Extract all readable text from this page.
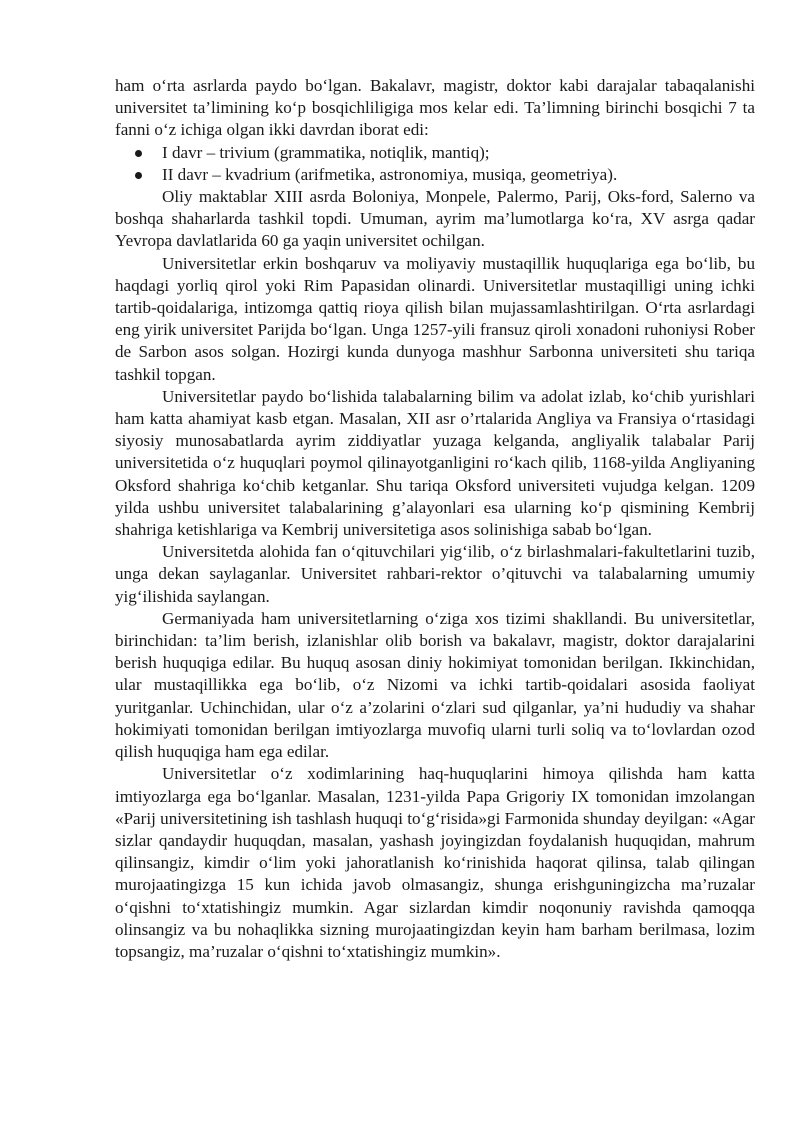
ham o‘rta asrlarda paydo bo‘lgan. Bakalavr, magistr, doktor kabi darajalar tabaqalanishi universitet ta’limining ko‘p bosqichliligiga mos kelar edi. Ta’limning birinchi bosqichi 7 ta fanni o‘z ichiga olgan ikki davrdan iborat edi:

I davr – trivium (grammatika, notiqlik, mantiq);
II davr – kvadrium (arifmetika, astronomiya, musiqa, geometriya).

Oliy maktablar XIII asrda Boloniya, Monpele, Palermo, Parij, Oks-ford, Salerno va boshqa shaharlarda tashkil topdi. Umuman, ayrim ma’lumotlarga ko‘ra, XV asrga qadar Yevropa davlatlarida 60 ga yaqin universitet ochilgan.

Universitetlar erkin boshqaruv va moliyaviy mustaqillik huquqlariga ega bo‘lib, bu haqdagi yorliq qirol yoki Rim Papasidan olinardi. Universitetlar mustaqilligi uning ichki tartib-qoidalariga, intizomga qattiq rioya qilish bilan mujassamlashtirilgan. O‘rta asrlardagi eng yirik universitet Parijda bo‘lgan. Unga 1257-yili fransuz qiroli xonadoni ruhoniysi Rober de Sarbon asos solgan. Hozirgi kunda dunyoga mashhur Sarbonna universiteti shu tariqa tashkil topgan.

Universitetlar paydo bo‘lishida talabalarning bilim va adolat izlab, ko‘chib yurishlari ham katta ahamiyat kasb etgan. Masalan, XII asr o’rtalarida Angliya va Fransiya o‘rtasidagi siyosiy munosabatlarda ayrim ziddiyatlar yuzaga kelganda, angliyalik talabalar Parij universitetida o‘z huquqlari poymol qilinayotganligini ro‘kach qilib, 1168-yilda Angliyaning Oksford shahriga ko‘chib ketganlar. Shu tariqa Oksford universiteti vujudga kelgan. 1209 yilda ushbu universitet talabalarining g’alayonlari esa ularning ko‘p qismining Kembrij shahriga ketishlariga va Kembrij universitetiga asos solinishiga sabab bo‘lgan.

Universitetda alohida fan o‘qituvchilari yig‘ilib, o‘z birlashmalari-fakultetlarini tuzib, unga dekan saylaganlar. Universitet rahbari-rektor o’qituvchi va talabalarning umumiy yig‘ilishida saylangan.

Germaniyada ham universitetlarning o‘ziga xos tizimi shakllandi. Bu universitetlar, birinchidan: ta’lim berish, izlanishlar olib borish va bakalavr, magistr, doktor darajalarini berish huquqiga edilar. Bu huquq asosan diniy hokimiyat tomonidan berilgan. Ikkinchidan, ular mustaqillikka ega bo‘lib, o‘z Nizomi va ichki tartib-qoidalari asosida faoliyat yuritganlar. Uchinchidan, ular o‘z a’zolarini o‘zlari sud qilganlar, ya’ni hududiy va shahar hokimiyati tomonidan berilgan imtiyozlarga muvofiq ularni turli soliq va to‘lovlardan ozod qilish huquqiga ham ega edilar.

Universitetlar o‘z xodimlarining haq-huquqlarini himoya qilishda ham katta imtiyozlarga ega bo‘lganlar. Masalan, 1231-yilda Papa Grigoriy IX tomonidan imzolangan «Parij universitetining ish tashlash huquqi to‘g‘risida»gi Farmonida shunday deyilgan: «Agar sizlar qandaydir huquqdan, masalan, yashash joyingizdan foydalanish huquqidan, mahrum qilinsangiz, kimdir o‘lim yoki jahoratlanish ko‘rinishida haqorat qilinsa, talab qilingan murojaatingizga 15 kun ichida javob olmasangiz, shunga erishguningizcha ma’ruzalar o‘qishni to‘xtatishingiz mumkin. Agar sizlardan kimdir noqonuniy ravishda qamoqqa olinsangiz va bu nohaqlikka sizning murojaatingizdan keyin ham barham berilmasa, lozim topsangiz, ma’ruzalar o‘qishni to‘xtatishingiz mumkin».
